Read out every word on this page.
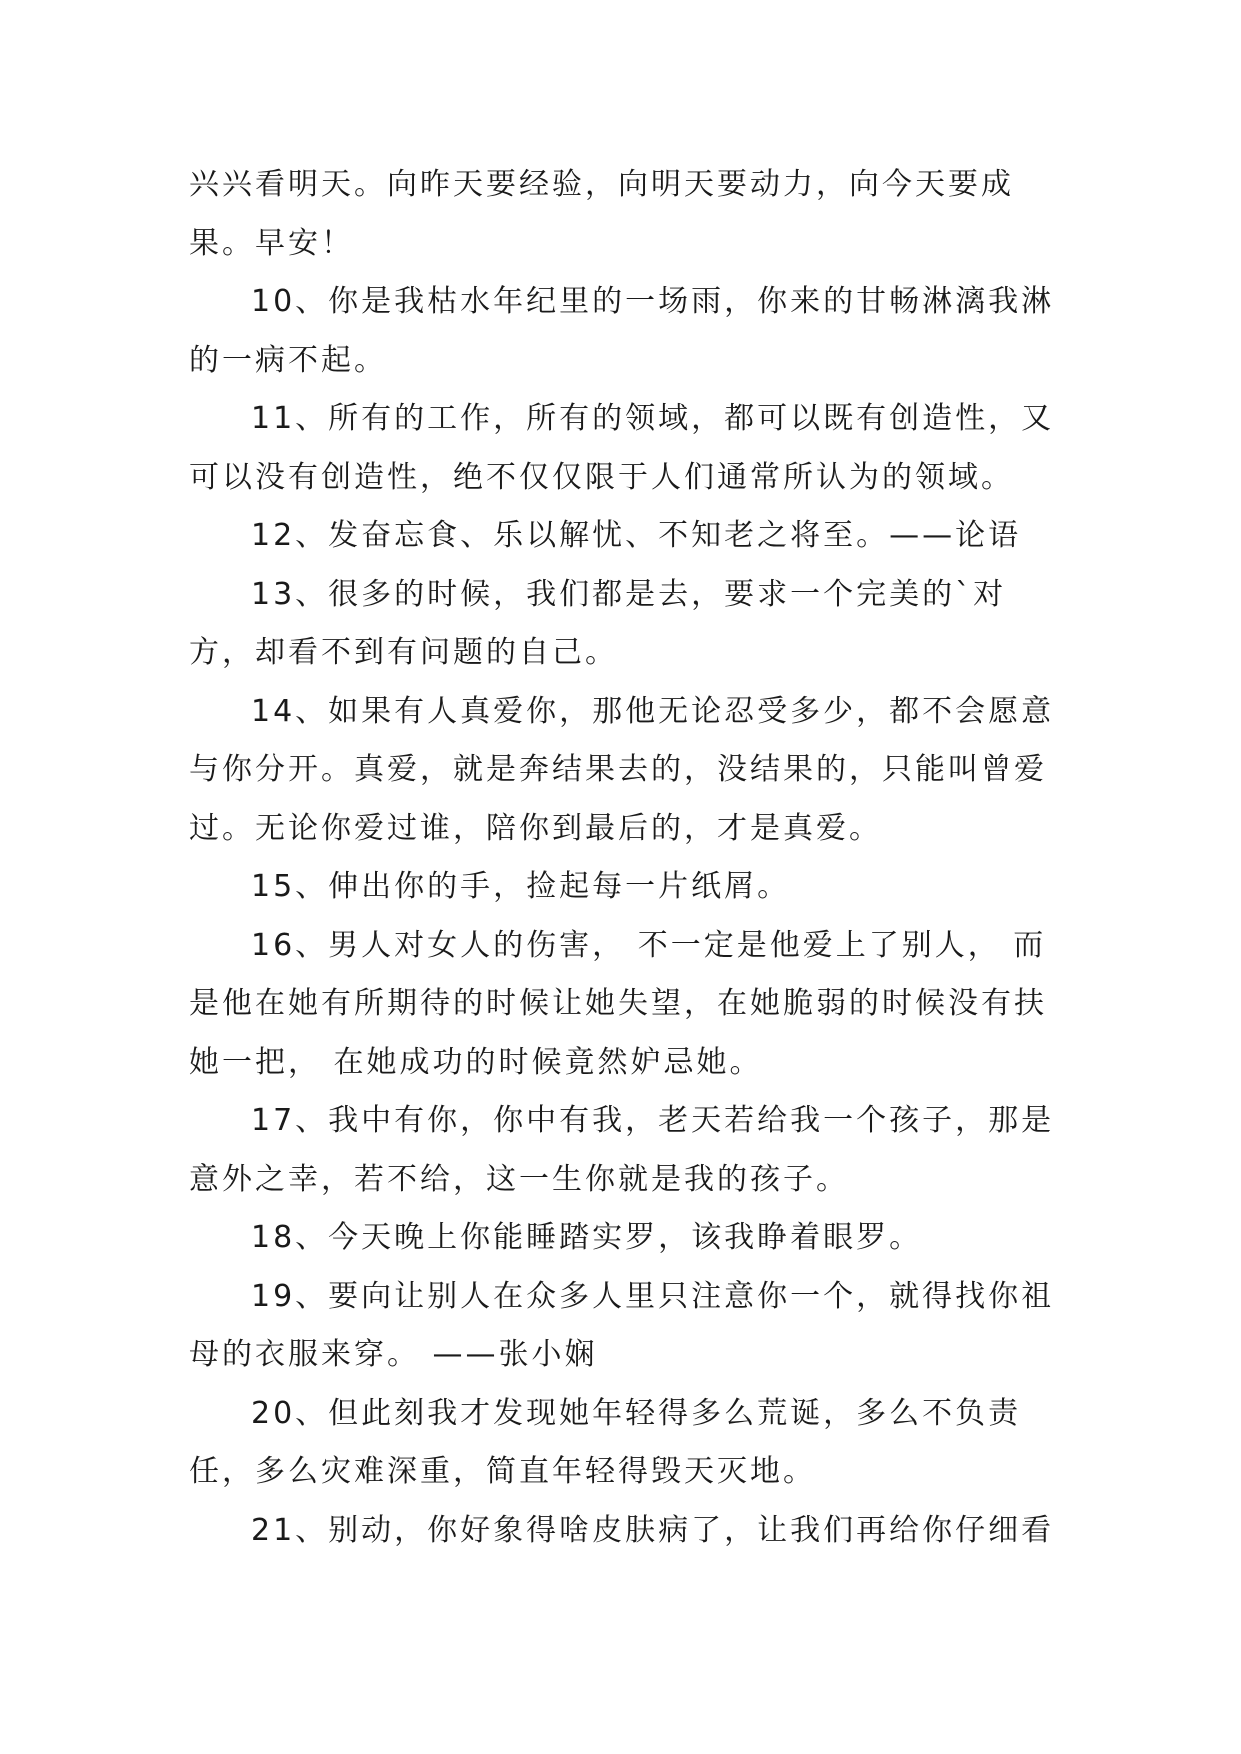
兴兴看明天。向昨天要经验，向明天要动力，向今天要成果。早安！

10、你是我枯水年纪里的一场雨，你来的甘畅淋漓我淋的一病不起。

11、所有的工作，所有的领域，都可以既有创造性，又可以没有创造性，绝不仅仅限于人们通常所认为的领域。

12、发奋忘食、乐以解忧、不知老之将至。——论语

13、很多的时候，我们都是去，要求一个完美的`对方，却看不到有问题的自己。

14、如果有人真爱你，那他无论忍受多少，都不会愿意与你分开。真爱，就是奔结果去的，没结果的，只能叫曾爱过。无论你爱过谁，陪你到最后的，才是真爱。

15、伸出你的手，捡起每一片纸屑。

16、男人对女人的伤害， 不一定是他爱上了别人， 而是他在她有所期待的时候让她失望，在她脆弱的时候没有扶她一把， 在她成功的时候竟然妒忌她。

17、我中有你，你中有我，老天若给我一个孩子，那是意外之幸，若不给，这一生你就是我的孩子。

18、今天晚上你能睡踏实罗，该我睁着眼罗。

19、要向让别人在众多人里只注意你一个，就得找你祖母的衣服来穿。 ——张小娴

20、但此刻我才发现她年轻得多么荒诞，多么不负责任，多么灾难深重，简直年轻得毁天灭地。

21、别动，你好象得啥皮肤病了，让我们再给你仔细看
